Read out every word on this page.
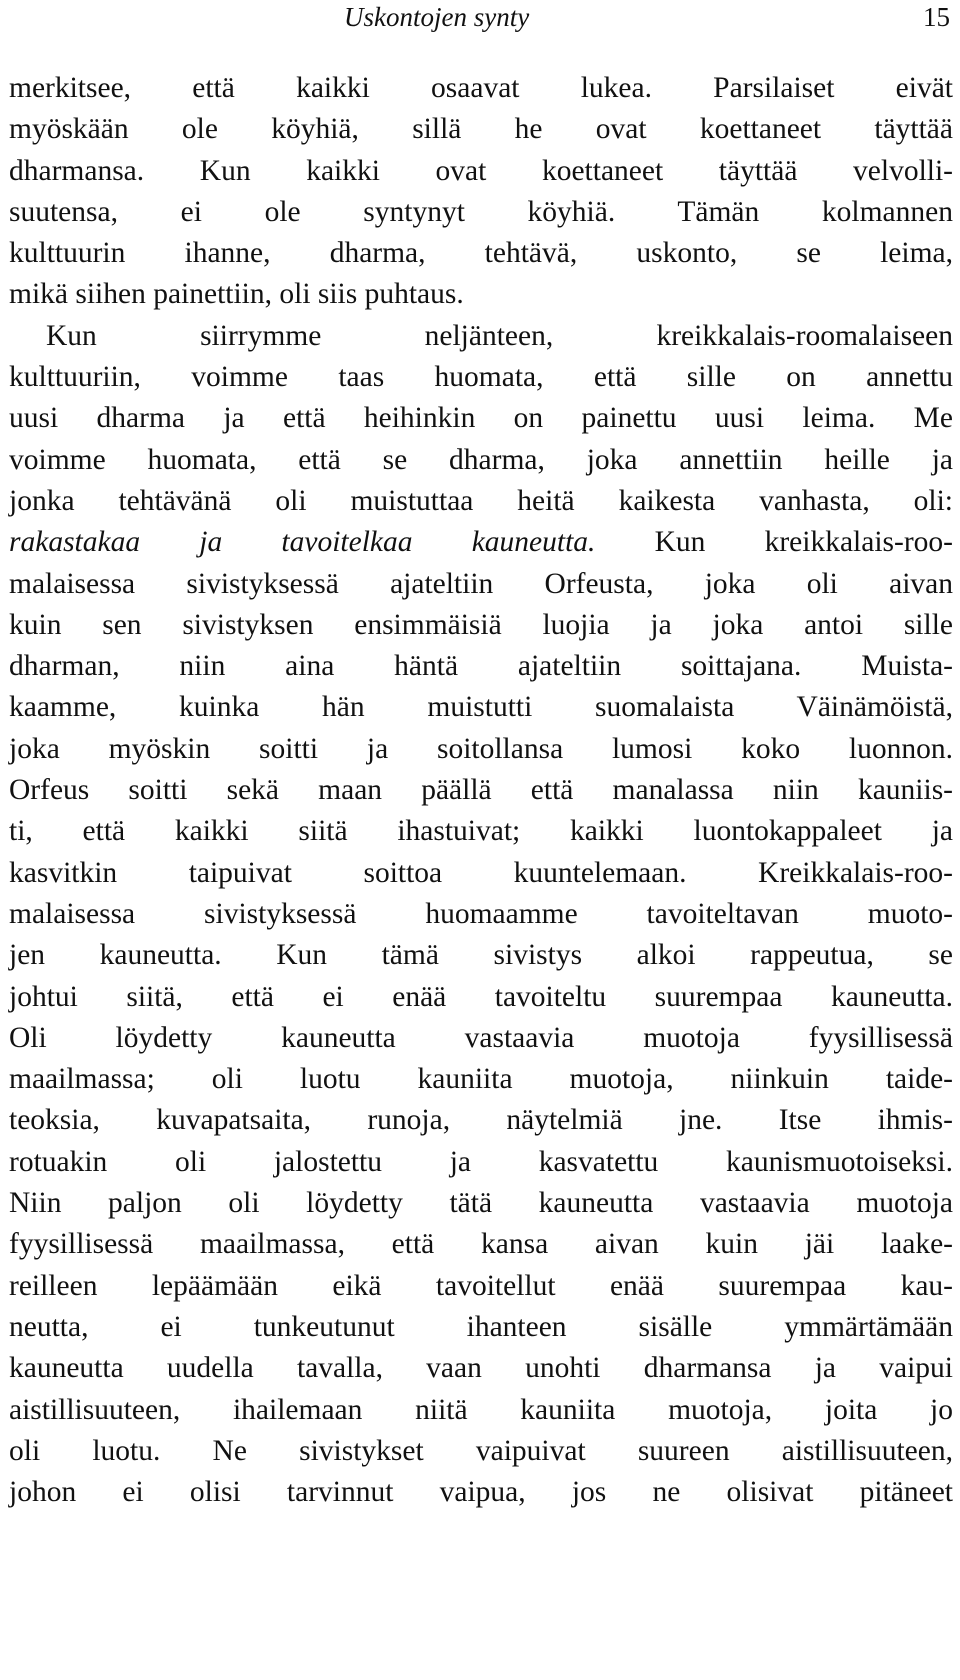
Uskontojen synty	15
merkitsee, että kaikki osaavat lukea. Parsilaiset eivät
myöskään ole köyhiä, sillä he ovat koettaneet täyttää
dharmansa. Kun kaikki ovat koettaneet täyttää velvolli-
suutensa, ei ole syntynyt köyhiä. Tämän kolmannen
kulttuurin ihanne, dharma, tehtävä, uskonto, se leima,
mikä siihen painettiin, oli siis puhtaus.
Kun siirrymme neljänteen, kreikkalais-roomalaiseen
kulttuuriin, voimme taas huomata, että sille on annettu
uusi dharma ja että heihinkin on painettu uusi leima. Me
voimme huomata, että se dharma, joka annettiin heille ja
jonka tehtävänä oli muistuttaa heitä kaikesta vanhasta, oli:
rakastakaa ja tavoitelkaa kauneutta. Kun kreikkalais-roo-
malaisessa sivistyksessä ajateltiin Orfeusta, joka oli aivan
kuin sen sivistyksen ensimmäisiä luojia ja joka antoi sille
dharman, niin aina häntä ajateltiin soittajana. Muista-
kaamme, kuinka hän muistutti suomalaista Väinämöistä,
joka myöskin soitti ja soitollansa lumosi koko luonnon.
Orfeus soitti sekä maan päällä että manalassa niin kauniis-
ti, että kaikki siitä ihastuivat; kaikki luontokappaleet ja
kasvitkin taipuivat soittoa kuuntelemaan. Kreikkalais-roo-
malaisessa sivistyksessä huomaamme tavoiteltavan muoto-
jen kauneutta. Kun tämä sivistys alkoi rappeutua, se
johtui siitä, että ei enää tavoiteltu suurempaa kauneutta.
Oli löydetty kauneutta vastaavia muotoja fyysillisessä
maailmassa; oli luotu kauniita muotoja, niinkuin taide-
teoksia, kuvapatsaita, runoja, näytelmiä jne. Itse ihmis-
rotuakin oli jalostettu ja kasvatettu kaunismuotoiseksi.
Niin paljon oli löydetty tätä kauneutta vastaavia muotoja
fyysillisessä maailmassa, että kansa aivan kuin jäi laake-
reilleen lepäämään eikä tavoitellut enää suurempaa kau-
neutta, ei tunkeutunut ihanteen sisälle ymmärtämään
kauneutta uudella tavalla, vaan unohti dharmansa ja vaipui
aistillisuuteen, ihailemaan niitä kauniita muotoja, joita jo
oli luotu. Ne sivistykset vaipuivat suureen aistillisuuteen,
johon ei olisi tarvinnut vaipua, jos ne olisivat pitäneet
